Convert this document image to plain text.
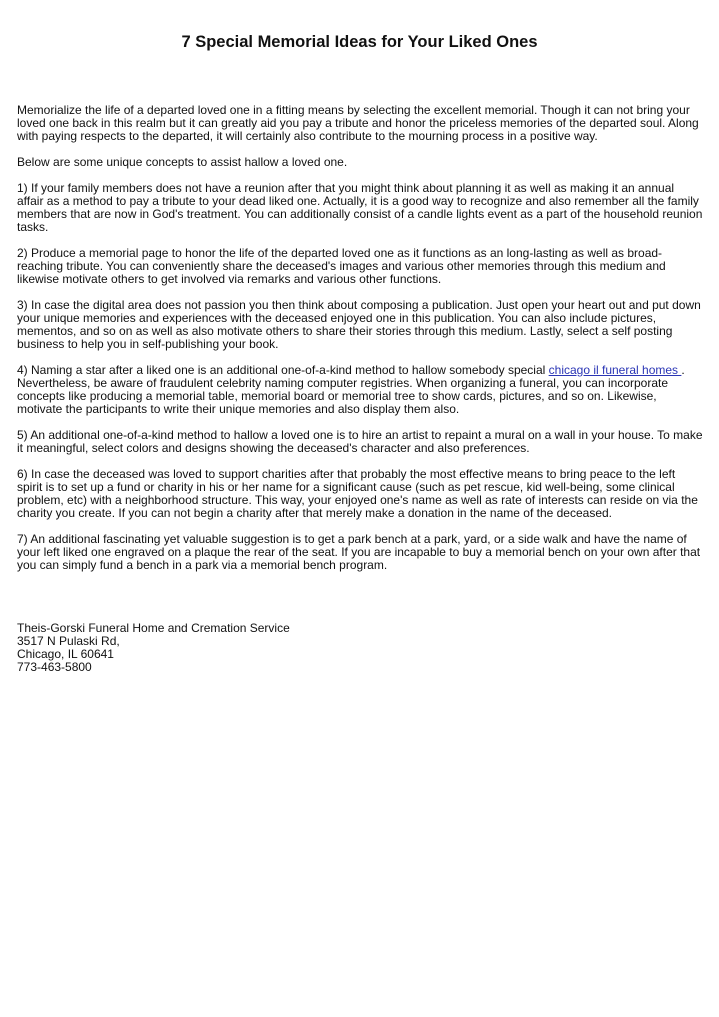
7 Special Memorial Ideas for Your Liked Ones

Memorialize the life of a departed loved one in a fitting means by selecting the excellent memorial. Though it can not bring your loved one back in this realm but it can greatly aid you pay a tribute and honor the priceless memories of the departed soul. Along with paying respects to the departed, it will certainly also contribute to the mourning process in a positive way.

Below are some unique concepts to assist hallow a loved one.

1) If your family members does not have a reunion after that you might think about planning it as well as making it an annual affair as a method to pay a tribute to your dead liked one. Actually, it is a good way to recognize and also remember all the family members that are now in God's treatment. You can additionally consist of a candle lights event as a part of the household reunion tasks.

2) Produce a memorial page to honor the life of the departed loved one as it functions as an long-lasting as well as broad-reaching tribute. You can conveniently share the deceased's images and various other memories through this medium and likewise motivate others to get involved via remarks and various other functions.

3) In case the digital area does not passion you then think about composing a publication. Just open your heart out and put down your unique memories and experiences with the deceased enjoyed one in this publication. You can also include pictures, mementos, and so on as well as also motivate others to share their stories through this medium. Lastly, select a self posting business to help you in self-publishing your book.

4) Naming a star after a liked one is an additional one-of-a-kind method to hallow somebody special chicago il funeral homes . Nevertheless, be aware of fraudulent celebrity naming computer registries. When organizing a funeral, you can incorporate concepts like producing a memorial table, memorial board or memorial tree to show cards, pictures, and so on. Likewise, motivate the participants to write their unique memories and also display them also.

5) An additional one-of-a-kind method to hallow a loved one is to hire an artist to repaint a mural on a wall in your house. To make it meaningful, select colors and designs showing the deceased's character and also preferences.

6) In case the deceased was loved to support charities after that probably the most effective means to bring peace to the left spirit is to set up a fund or charity in his or her name for a significant cause (such as pet rescue, kid well-being, some clinical problem, etc) with a neighborhood structure. This way, your enjoyed one's name as well as rate of interests can reside on via the charity you create. If you can not begin a charity after that merely make a donation in the name of the deceased.

7) An additional fascinating yet valuable suggestion is to get a park bench at a park, yard, or a side walk and have the name of your left liked one engraved on a plaque the rear of the seat. If you are incapable to buy a memorial bench on your own after that you can simply fund a bench in a park via a memorial bench program.

Theis-Gorski Funeral Home and Cremation Service
3517 N Pulaski Rd,
Chicago, IL 60641
773-463-5800
